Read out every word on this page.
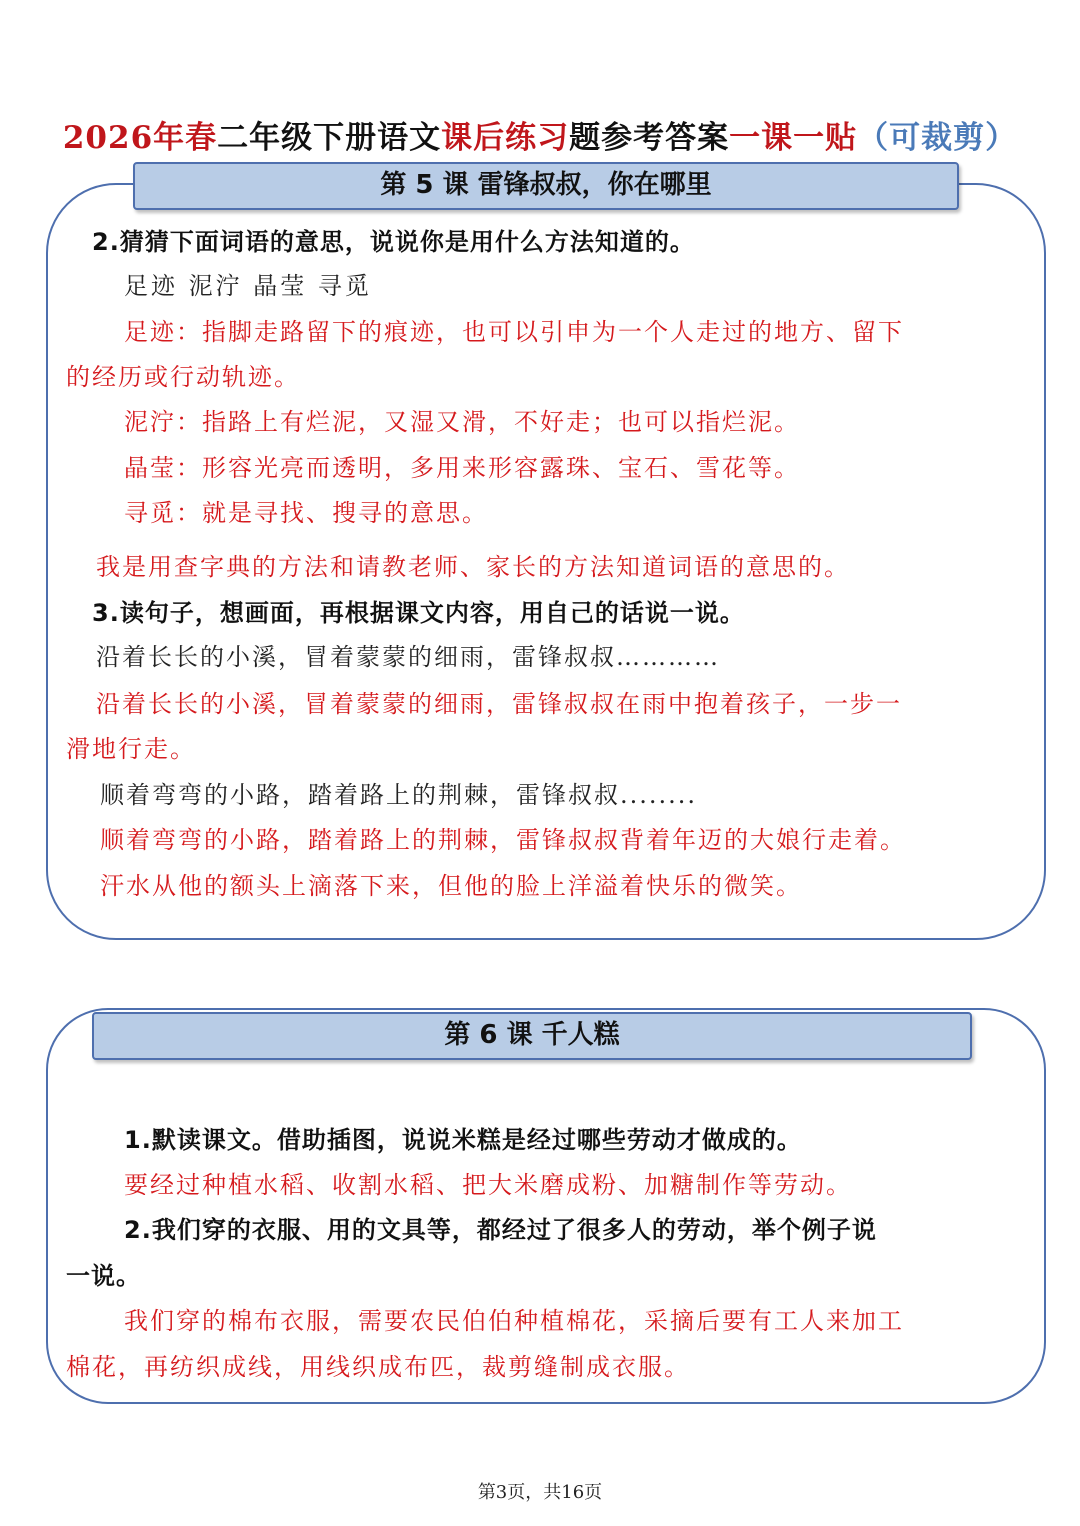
2026年春二年级下册语文课后练习题参考答案一课一贴（可裁剪）
第 5 课 雷锋叔叔，你在哪里
2.猜猜下面词语的意思，说说你是用什么方法知道的。
足迹 泥泞 晶莹 寻觅
足迹：指脚走路留下的痕迹，也可以引申为一个人走过的地方、留下
的经历或行动轨迹。
泥泞：指路上有烂泥，又湿又滑，不好走；也可以指烂泥。
晶莹：形容光亮而透明，多用来形容露珠、宝石、雪花等。
寻觅：就是寻找、搜寻的意思。
我是用查字典的方法和请教老师、家长的方法知道词语的意思的。
3.读句子，想画面，再根据课文内容，用自己的话说一说。
沿着长长的小溪，冒着蒙蒙的细雨，雷锋叔叔…………
沿着长长的小溪，冒着蒙蒙的细雨，雷锋叔叔在雨中抱着孩子，一步一
滑地行走。
顺着弯弯的小路，踏着路上的荆棘，雷锋叔叔........
顺着弯弯的小路，踏着路上的荆棘，雷锋叔叔背着年迈的大娘行走着。
汗水从他的额头上滴落下来，但他的脸上洋溢着快乐的微笑。
第 6 课 千人糕
1.默读课文。借助插图，说说米糕是经过哪些劳动才做成的。
要经过种植水稻、收割水稻、把大米磨成粉、加糖制作等劳动。
2.我们穿的衣服、用的文具等，都经过了很多人的劳动，举个例子说
一说。
我们穿的棉布衣服，需要农民伯伯种植棉花，采摘后要有工人来加工
棉花，再纺织成线，用线织成布匹，裁剪缝制成衣服。
第3页，共16页
